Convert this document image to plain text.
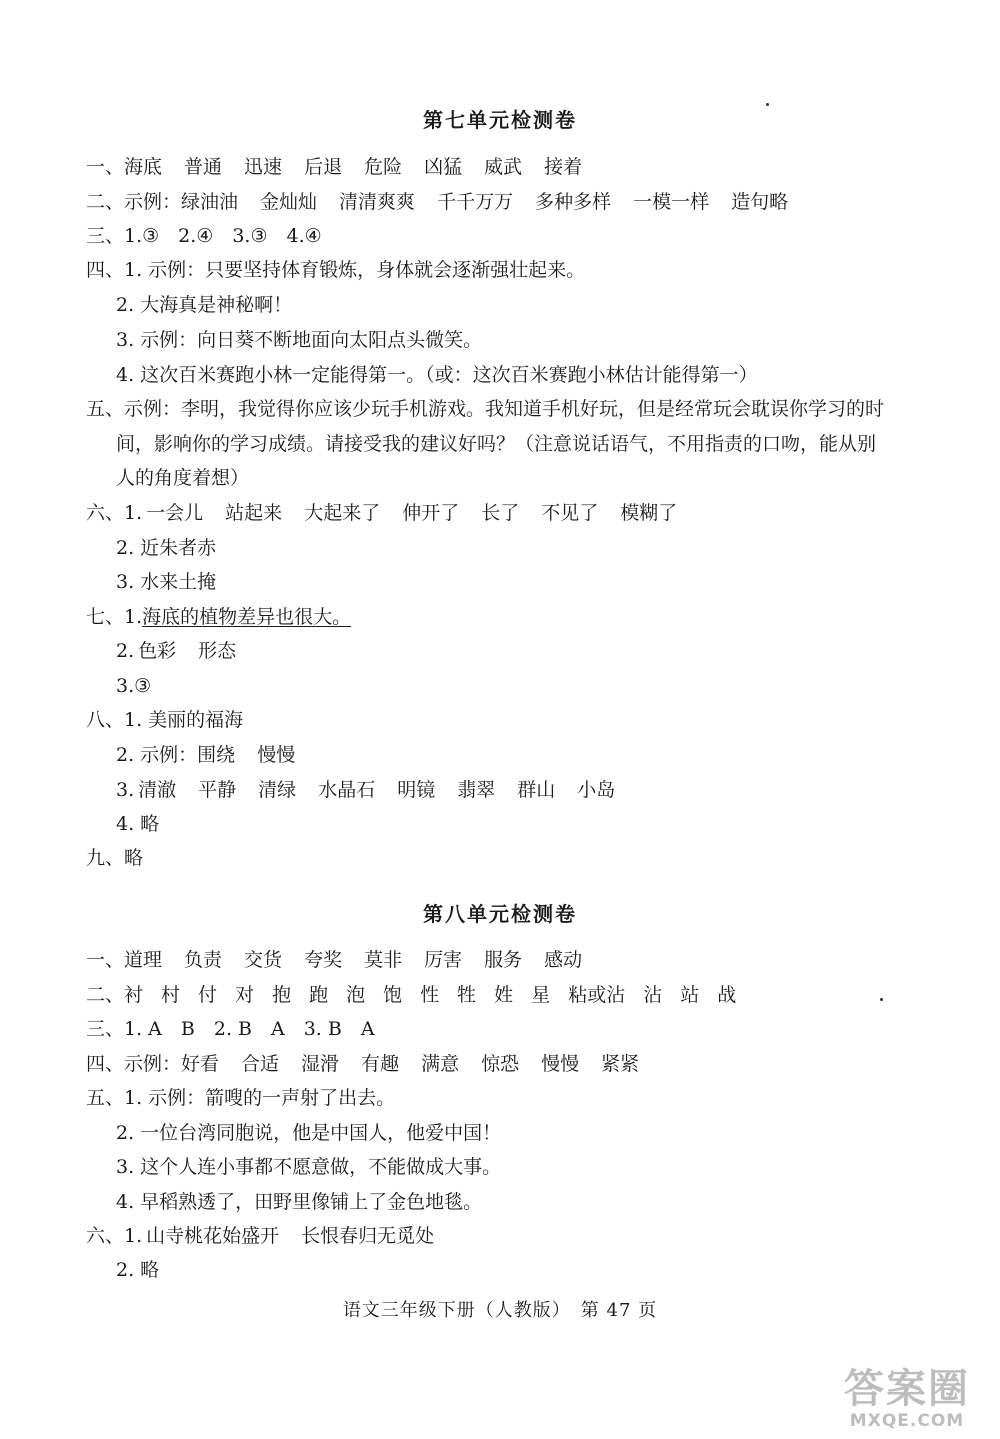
第七单元检测卷
一、海底 普通 迅速 后退 危险 凶猛 威武 接着
二、示例：绿油油 金灿灿 清清爽爽 千千万万 多种多样 一模一样 造句略
三、1.③　2.④　3.③　4.④
四、1. 示例：只要坚持体育锻炼，身体就会逐渐强壮起来。
2. 大海真是神秘啊！
3. 示例：向日葵不断地面向太阳点头微笑。
4. 这次百米赛跑小林一定能得第一。（或：这次百米赛跑小林估计能得第一）
五、示例：李明，我觉得你应该少玩手机游戏。我知道手机好玩，但是经常玩会耽误你学习的时
间，影响你的学习成绩。请接受我的建议好吗？（注意说话语气，不用指责的口吻，能从别
人的角度着想）
六、1. 一会儿 站起来 大起来了 伸开了 长了 不见了 模糊了
2. 近朱者赤
3. 水来土掩
七、1.海底的植物差异也很大。
2. 色彩 形态
3.③
八、1. 美丽的福海
2. 示例：围绕 慢慢
3. 清澈 平静 清绿 水晶石 明镜 翡翠 群山 小岛
4. 略
九、略
第八单元检测卷
一、道理 负责 交货 夸奖 莫非 厉害 服务 感动
二、衬 村 付 对 抱 跑 泡 饱 性 牲 姓 星 粘或沾 沾 站 战
三、1. A　B　2. B　A　3. B　A
四、示例：好看 合适 湿滑 有趣 满意 惊恐 慢慢 紧紧
五、1. 示例：箭嗖的一声射了出去。
2. 一位台湾同胞说，他是中国人，他爱中国！
3. 这个人连小事都不愿意做，不能做成大事。
4. 早稻熟透了，田野里像铺上了金色地毯。
六、1. 山寺桃花始盛开 长恨春归无觅处
2. 略
语文三年级下册（人教版）　第 47 页
答案圈
MXQE.COM
